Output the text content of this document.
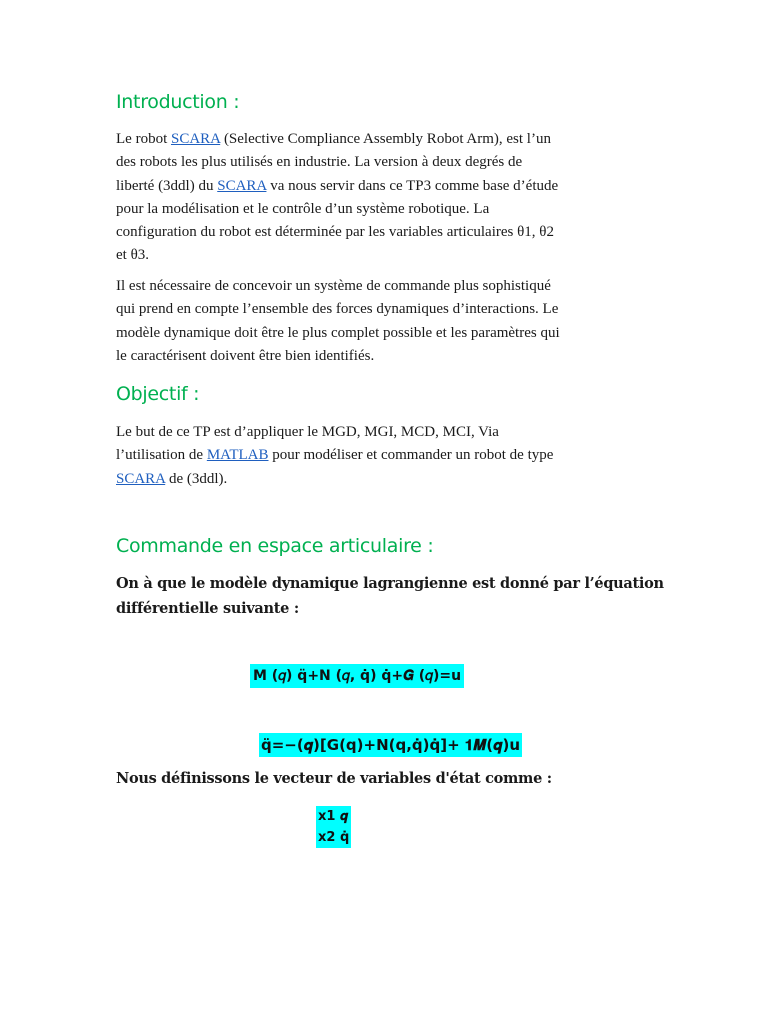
Introduction :
Le robot SCARA (Selective Compliance Assembly Robot Arm), est l’un
des robots les plus utilisés en industrie. La version à deux degrés de
liberté (3ddl) du SCARA va nous servir dans ce TP3 comme base d’étude
pour la modélisation et le contrôle d’un système robotique. La
configuration du robot est déterminée par les variables articulaires θ1, θ2
et θ3.
Il est nécessaire de concevoir un système de commande plus sophistiqué
qui prend en compte l’ensemble des forces dynamiques d’interactions. Le
modèle dynamique doit être le plus complet possible et les paramètres qui
le caractérisent doivent être bien identifiés.
Objectif :
Le but de ce TP est d’appliquer le MGD, MGI, MCD, MCI, Via
l’utilisation de MATLAB pour modéliser et commander un robot de type
SCARA de (3ddl).
Commande en espace articulaire :

On à que le modèle dynamique lagrangienne est donné par l’équation

différentielle suivante :

M (𝑞) q̈+N (𝑞, q̇) q̇+𝑮 (𝑞)=u
q̈=−(𝒒)[G(q)+N(q,q̇)q̇]+ 𝟏𝑴(𝒒)u

Nous définissons le vecteur de variables d'état comme :

x1 𝒒
x2 q̇
